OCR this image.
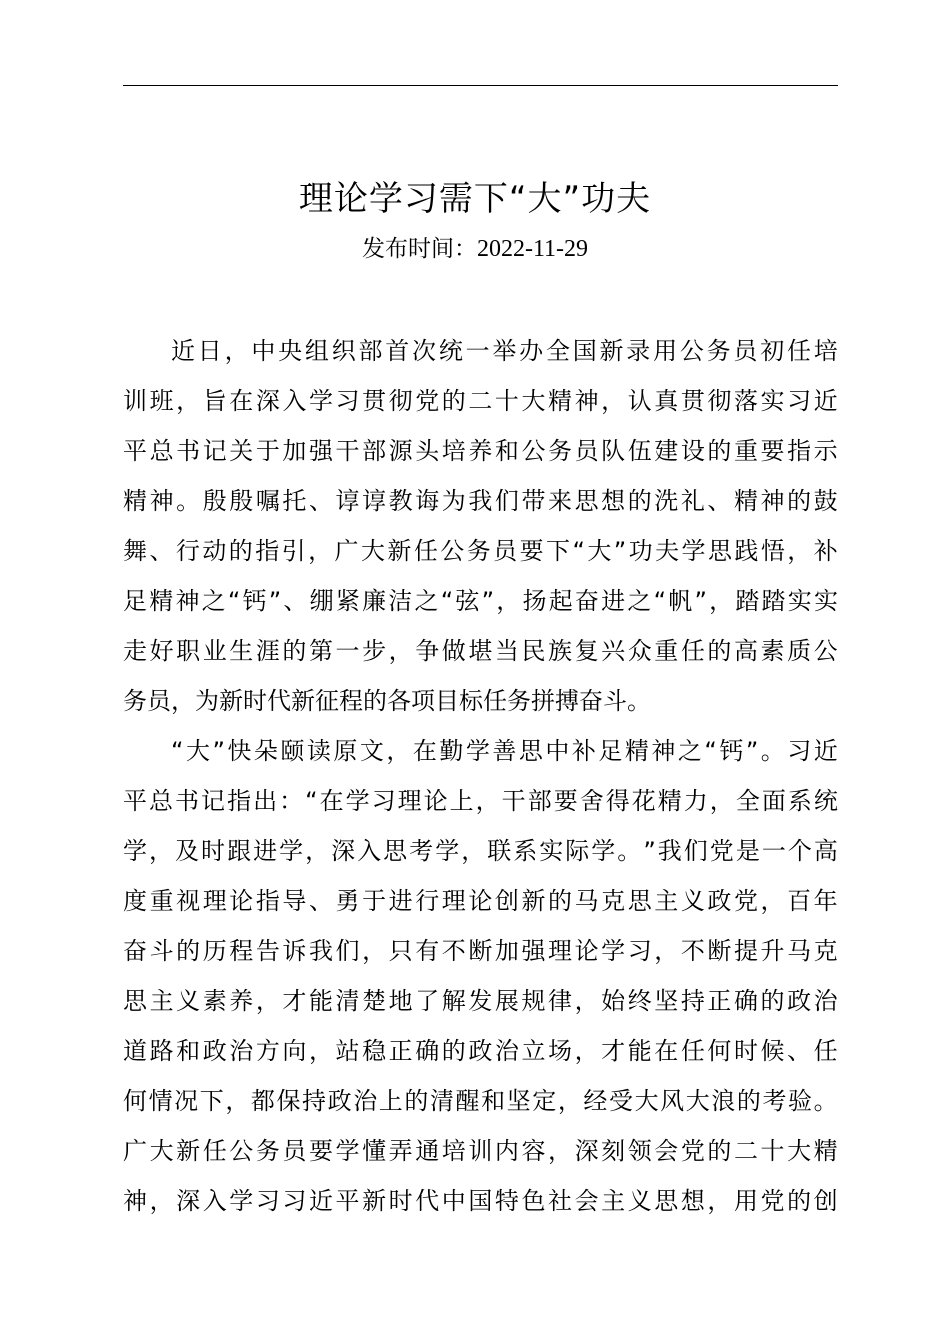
理论学习需下“大”功夫
发布时间：2022-11-29
近 日 ， 中 央 组 织 部 首 次 统 一 举 办 全 国 新 录 用 公 务 员 初 任 培
训 班 ， 旨 在 深 入 学 习 贯 彻 党 的 二 十 大 精 神 ， 认 真 贯 彻 落 实 习 近
平 总 书 记 关 于 加 强 干 部 源 头 培 养 和 公 务 员 队 伍 建 设 的 重 要 指 示
精 神 。 殷 殷 嘱 托 、 谆 谆 教 诲 为 我 们 带 来 思 想 的 洗 礼 、 精 神 的 鼓
舞 、 行 动 的 指 引 ， 广 大 新 任 公 务 员 要 下 “ 大 ” 功 夫 学 思 践 悟 ， 补
足 精 神 之 “ 钙 ” 、 绷 紧 廉 洁 之 “ 弦 ” ， 扬 起 奋 进 之 “ 帆 ” ， 踏 踏 实 实
走 好 职 业 生 涯 的 第 一 步 ， 争 做 堪 当 民 族 复 兴 众 重 任 的 高 素 质 公
务 员 ， 为 新 时 代 新 征 程 的 各 项 目 标 任 务 拼 搏 奋 斗 。
“ 大 ” 快 朵 颐 读 原 文 ， 在 勤 学 善 思 中 补 足 精 神 之 “ 钙 ” 。 习 近
平 总 书 记 指 出 ： “ 在 学 习 理 论 上 ， 干 部 要 舍 得 花 精 力 ， 全 面 系 统
学 ， 及 时 跟 进 学 ， 深 入 思 考 学 ， 联 系 实 际 学 。 ” 我 们 党 是 一 个 高
度 重 视 理 论 指 导 、 勇 于 进 行 理 论 创 新 的 马 克 思 主 义 政 党 ， 百 年
奋 斗 的 历 程 告 诉 我 们 ， 只 有 不 断 加 强 理 论 学 习 ， 不 断 提 升 马 克
思 主 义 素 养 ， 才 能 清 楚 地 了 解 发 展 规 律 ， 始 终 坚 持 正 确 的 政 治
道 路 和 政 治 方 向 ， 站 稳 正 确 的 政 治 立 场 ， 才 能 在 任 何 时 候 、 任
何 情 况 下 ， 都 保 持 政 治 上 的 清 醒 和 坚 定 ， 经 受 大 风 大 浪 的 考 验 。
广 大 新 任 公 务 员 要 学 懂 弄 通 培 训 内 容 ， 深 刻 领 会 党 的 二 十 大 精
神 ， 深 入 学 习 习 近 平 新 时 代 中 国 特 色 社 会 主 义 思 想 ， 用 党 的 创
